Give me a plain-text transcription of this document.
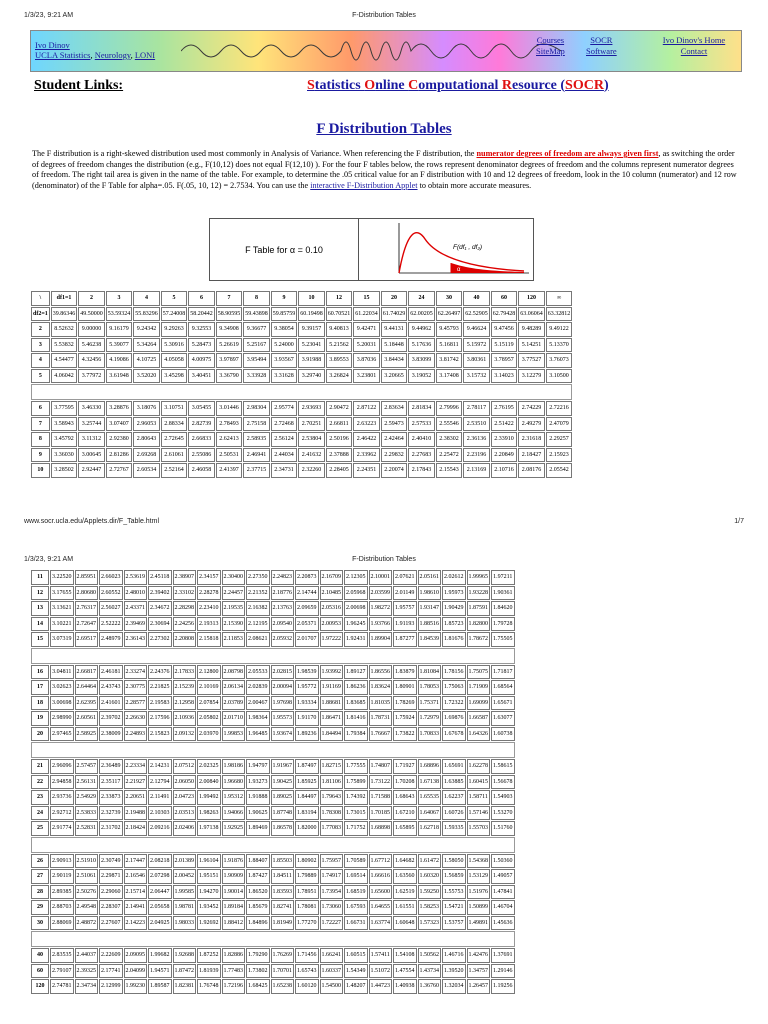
1/3/23, 9:21 AM	F-Distribution Tables
Ivo Dinov
UCLA Statistics, Neurology, LONI
Courses
SiteMap
SOCR
Software
Ivo Dinov's Home
Contact
Student Links:	Statistics Online Computational Resource (SOCR)
F Distribution Tables
The F distribution is a right-skewed distribution used most commonly in Analysis of Variance. When referencing the F distribution, the numerator degrees of freedom are always given first, as switching the order of degrees of freedom changes the distribution (e.g., F(10,12) does not equal F(12,10) ). For the four F tables below, the rows represent denominator degrees of freedom and the columns represent numerator degrees of freedom. The right tail area is given in the name of the table. For example, to determine the .05 critical value for an F distribution with 10 and 12 degrees of freedom, look in the 10 column (numerator) and 12 row (denominator) of the F Table for alpha=.05. F(.05, 10, 12) = 2.7534. You can use the interactive F-Distribution Applet to obtain more accurate measures.
F Table for α = 0.10	F(df₁ , df₂)
α
\	df1=1	2	3	4	5	6	7	8	9	10	12	15	20	24	30	40	60	120	∞
df2=1	39.86346	49.50000	53.59324	55.83296	57.24008	58.20442	58.90595	59.43898	59.85759	60.19498	60.70521	61.22034	61.74029	62.00205	62.26497	62.52905	62.79428	63.06064	63.32812
2	8.52632	9.00000	9.16179	9.24342	9.29263	9.32553	9.34908	9.36677	9.38054	9.39157	9.40813	9.42471	9.44131	9.44962	9.45793	9.46624	9.47456	9.48289	9.49122
3	5.53832	5.46238	5.39077	5.34264	5.30916	5.28473	5.26619	5.25167	5.24000	5.23041	5.21562	5.20031	5.18448	5.17636	5.16811	5.15972	5.15119	5.14251	5.13370
4	4.54477	4.32456	4.19086	4.10725	4.05058	4.00975	3.97897	3.95494	3.93567	3.91988	3.89553	3.87036	3.84434	3.83099	3.81742	3.80361	3.78957	3.77527	3.76073
5	4.06042	3.77972	3.61948	3.52020	3.45298	3.40451	3.36790	3.33928	3.31628	3.29740	3.26824	3.23801	3.20665	3.19052	3.17408	3.15732	3.14023	3.12279	3.10500

6	3.77595	3.46330	3.28876	3.18076	3.10751	3.05455	3.01446	2.98304	2.95774	2.93693	2.90472	2.87122	2.83634	2.81834	2.79996	2.78117	2.76195	2.74229	2.72216
7	3.58943	3.25744	3.07407	2.96053	2.88334	2.82739	2.78493	2.75158	2.72468	2.70251	2.66811	2.63223	2.59473	2.57533	2.55546	2.53510	2.51422	2.49279	2.47079
8	3.45792	3.11312	2.92380	2.80643	2.72645	2.66833	2.62413	2.58935	2.56124	2.53804	2.50196	2.46422	2.42464	2.40410	2.38302	2.36136	2.33910	2.31618	2.29257
9	3.36030	3.00645	2.81286	2.69268	2.61061	2.55086	2.50531	2.46941	2.44034	2.41632	2.37888	2.33962	2.29832	2.27683	2.25472	2.23196	2.20849	2.18427	2.15923
10	3.28502	2.92447	2.72767	2.60534	2.52164	2.46058	2.41397	2.37715	2.34731	2.32260	2.28405	2.24351	2.20074	2.17843	2.15543	2.13169	2.10716	2.08176	2.05542
www.socr.ucla.edu/Applets.dir/F_Table.html	1/7
1/3/23, 9:21 AM	F-Distribution Tables
11	3.22520	2.85951	2.66023	2.53619	2.45118	2.38907	2.34157	2.30400	2.27350	2.24823	2.20873	2.16709	2.12305	2.10001	2.07621	2.05161	2.02612	1.99965	1.97211
12	3.17655	2.80680	2.60552	2.48010	2.39402	2.33102	2.28278	2.24457	2.21352	2.18776	2.14744	2.10485	2.05968	2.03599	2.01149	1.98610	1.95973	1.93228	1.90361
13	3.13621	2.76317	2.56027	2.43371	2.34672	2.28298	2.23410	2.19535	2.16382	2.13763	2.09659	2.05316	2.00698	1.98272	1.95757	1.93147	1.90429	1.87591	1.84620
14	3.10221	2.72647	2.52222	2.39469	2.30694	2.24256	2.19313	2.15390	2.12195	2.09540	2.05371	2.00953	1.96245	1.93766	1.91193	1.88516	1.85723	1.82800	1.79728
15	3.07319	2.69517	2.48979	2.36143	2.27302	2.20808	2.15818	2.11853	2.08621	2.05932	2.01707	1.97222	1.92431	1.89904	1.87277	1.84539	1.81676	1.78672	1.75505

16	3.04811	2.66817	2.46181	2.33274	2.24376	2.17833	2.12800	2.08798	2.05533	2.02815	1.98539	1.93992	1.89127	1.86556	1.83879	1.81084	1.78156	1.75075	1.71817
17	3.02623	2.64464	2.43743	2.30775	2.21825	2.15239	2.10169	2.06134	2.02839	2.00094	1.95772	1.91169	1.86236	1.83624	1.80901	1.78053	1.75063	1.71909	1.68564
18	3.00698	2.62395	2.41601	2.28577	2.19583	2.12958	2.07854	2.03789	2.00467	1.97698	1.93334	1.88681	1.83685	1.81035	1.78269	1.75371	1.72322	1.69099	1.65671
19	2.98990	2.60561	2.39702	2.26630	2.17596	2.10936	2.05802	2.01710	1.98364	1.95573	1.91170	1.86471	1.81416	1.78731	1.75924	1.72979	1.69876	1.66587	1.63077
20	2.97465	2.58925	2.38009	2.24893	2.15823	2.09132	2.03970	1.99853	1.96485	1.93674	1.89236	1.84494	1.79384	1.76667	1.73822	1.70833	1.67678	1.64326	1.60738

21	2.96096	2.57457	2.36489	2.23334	2.14231	2.07512	2.02325	1.98186	1.94797	1.91967	1.87497	1.82715	1.77555	1.74807	1.71927	1.68896	1.65691	1.62278	1.58615
22	2.94858	2.56131	2.35117	2.21927	2.12794	2.06050	2.00840	1.96680	1.93273	1.90425	1.85925	1.81106	1.75899	1.73122	1.70208	1.67138	1.63885	1.60415	1.56678
23	2.93736	2.54929	2.33873	2.20651	2.11491	2.04723	1.99492	1.95312	1.91888	1.89025	1.84497	1.79643	1.74392	1.71588	1.68643	1.65535	1.62237	1.58711	1.54903
24	2.92712	2.53833	2.32739	2.19488	2.10303	2.03513	1.98263	1.94066	1.90625	1.87748	1.83194	1.78308	1.73015	1.70185	1.67210	1.64067	1.60726	1.57146	1.53270
25	2.91774	2.52831	2.31702	2.18424	2.09216	2.02406	1.97138	1.92925	1.89469	1.86578	1.82000	1.77083	1.71752	1.68898	1.65895	1.62718	1.59335	1.55703	1.51760

26	2.90913	2.51910	2.30749	2.17447	2.08218	2.01389	1.96104	1.91876	1.88407	1.85503	1.80902	1.75957	1.70589	1.67712	1.64682	1.61472	1.58050	1.54368	1.50360
27	2.90119	2.51061	2.29871	2.16546	2.07298	2.00452	1.95151	1.90909	1.87427	1.84511	1.79889	1.74917	1.69514	1.66616	1.63560	1.60320	1.56859	1.53129	1.49057
28	2.89385	2.50276	2.29060	2.15714	2.06447	1.99585	1.94270	1.90014	1.86520	1.83593	1.78951	1.73954	1.68519	1.65600	1.62519	1.59250	1.55753	1.51976	1.47841
29	2.88703	2.49548	2.28307	2.14941	2.05658	1.98781	1.93452	1.89184	1.85679	1.82741	1.78081	1.73060	1.67593	1.64655	1.61551	1.58253	1.54721	1.50899	1.46704
30	2.88069	2.48872	2.27607	2.14223	2.04925	1.98033	1.92692	1.88412	1.84896	1.81949	1.77270	1.72227	1.66731	1.63774	1.60648	1.57323	1.53757	1.49891	1.45636

40	2.83535	2.44037	2.22609	2.09095	1.99682	1.92688	1.87252	1.82886	1.79290	1.76269	1.71456	1.66241	1.60515	1.57411	1.54108	1.50562	1.46716	1.42476	1.37691
60	2.79107	2.39325	2.17741	2.04099	1.94571	1.87472	1.81939	1.77483	1.73802	1.70701	1.65743	1.60337	1.54349	1.51072	1.47554	1.43734	1.39520	1.34757	1.29146
120	2.74781	2.34734	2.12999	1.99230	1.89587	1.82381	1.76748	1.72196	1.68425	1.65238	1.60120	1.54500	1.48207	1.44723	1.40938	1.36760	1.32034	1.26457	1.19256
